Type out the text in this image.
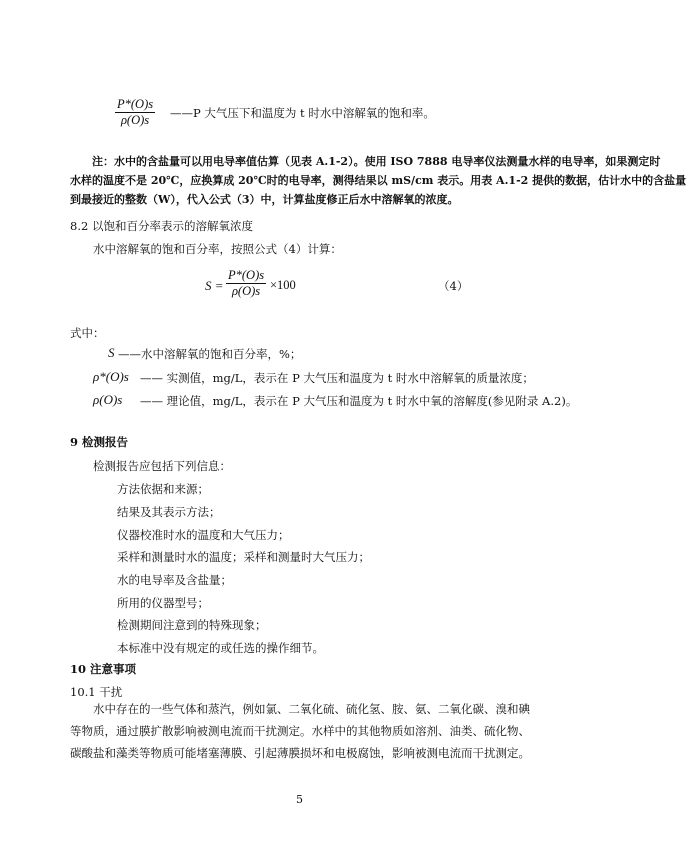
$\frac{P*(O)s}{\rho(O)s}$ ——P 大气压下和温度为 t 时水中溶解氧的饱和率。
注：水中的含盐量可以用电导率值估算（见表 A.1-2）。使用 ISO 7888 电导率仪法测量水样的电导率，如果测定时
水样的温度不是 20℃，应换算成 20℃时的电导率，测得结果以 mS/cm 表示。用表 A.1-2 提供的数据，估计水中的含盐量
到最接近的整数（W），代入公式（3）中，计算盐度修正后水中溶解氧的浓度。
8.2 以饱和百分率表示的溶解氧浓度
水中溶解氧的饱和百分率，按照公式（4）计算：
$S = \frac{P*(O)s}{\rho(O)s} \times 100$	（4）
式中：
S ——水中溶解氧的饱和百分率，%；
ρ*(O)s —— 实测值，mg/L，表示在 P 大气压和温度为 t 时水中溶解氧的质量浓度；
ρ(O)s —— 理论值，mg/L，表示在 P 大气压和温度为 t 时水中氧的溶解度(参见附录 A.2)。
9 检测报告
检测报告应包括下列信息：
方法依据和来源；
结果及其表示方法；
仪器校准时水的温度和大气压力；
采样和测量时水的温度；采样和测量时大气压力；
水的电导率及含盐量；
所用的仪器型号；
检测期间注意到的特殊现象；
本标准中没有规定的或任选的操作细节。
10 注意事项
10.1 干扰
水中存在的一些气体和蒸汽，例如氯、二氧化硫、硫化氢、胺、氨、二氧化碳、溴和碘等物质，通过膜扩散影响被测电流而干扰测定。水样中的其他物质如溶剂、油类、硫化物、碳酸盐和藻类等物质可能堵塞薄膜、引起薄膜损坏和电极腐蚀，影响被测电流而干扰测定。
5
